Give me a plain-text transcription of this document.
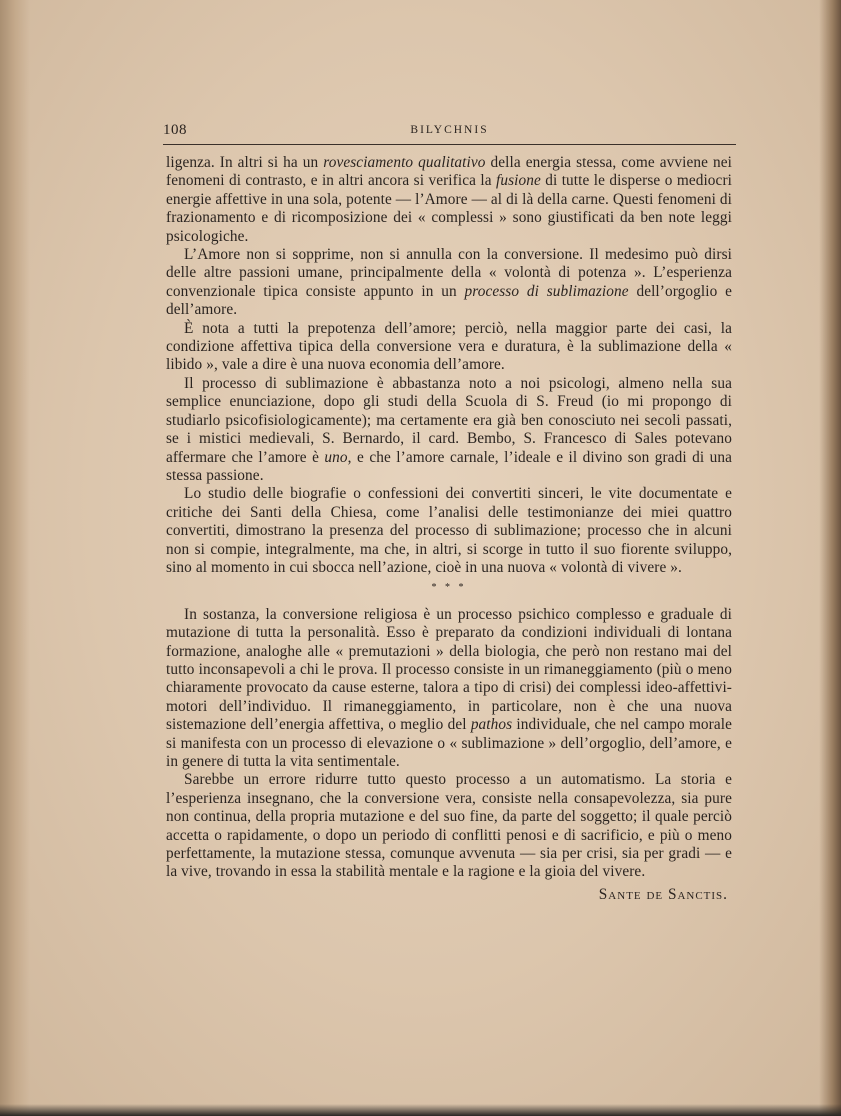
108	BILYCHNIS

ligenza. In altri si ha un rovesciamento qualitativo della energia stessa, come avviene nei fenomeni di contrasto, e in altri ancora si verifica la fusione di tutte le disperse o mediocri energie affettive in una sola, potente — l’Amore — al di là della carne. Questi fenomeni di frazionamento e di ricomposizione dei « complessi » sono giustificati da ben note leggi psicologiche.

L’Amore non si sopprime, non si annulla con la conversione. Il medesimo può dirsi delle altre passioni umane, principalmente della « volontà di potenza ». L’esperienza convenzionale tipica consiste appunto in un processo di sublimazione dell’orgoglio e dell’amore.

È nota a tutti la prepotenza dell’amore; perciò, nella maggior parte dei casi, la condizione affettiva tipica della conversione vera e duratura, è la sublimazione della « libido », vale a dire è una nuova economia dell’amore.

Il processo di sublimazione è abbastanza noto a noi psicologi, almeno nella sua semplice enunciazione, dopo gli studi della Scuola di S. Freud (io mi propongo di studiarlo psicofisiologicamente); ma certamente era già ben conosciuto nei secoli passati, se i mistici medievali, S. Bernardo, il card. Bembo, S. Francesco di Sales potevano affermare che l’amore è uno, e che l’amore carnale, l’ideale e il divino son gradi di una stessa passione.

Lo studio delle biografie o confessioni dei convertiti sinceri, le vite documentate e critiche dei Santi della Chiesa, come l’analisi delle testimonianze dei miei quattro convertiti, dimostrano la presenza del processo di sublimazione; processo che in alcuni non si compie, integralmente, ma che, in altri, si scorge in tutto il suo fiorente sviluppo, sino al momento in cui sbocca nell’azione, cioè in una nuova « volontà di vivere ».

* * *

In sostanza, la conversione religiosa è un processo psichico complesso e graduale di mutazione di tutta la personalità. Esso è preparato da condizioni individuali di lontana formazione, analoghe alle « premutazioni » della biologia, che però non restano mai del tutto inconsapevoli a chi le prova. Il processo consiste in un rimaneggiamento (più o meno chiaramente provocato da cause esterne, talora a tipo di crisi) dei complessi ideo-affettivi-motori dell’individuo. Il rimaneggiamento, in particolare, non è che una nuova sistemazione dell’energia affettiva, o meglio del pathos individuale, che nel campo morale si manifesta con un processo di elevazione o « sublimazione » dell’orgoglio, dell’amore, e in genere di tutta la vita sentimentale.

Sarebbe un errore ridurre tutto questo processo a un automatismo. La storia e l’esperienza insegnano, che la conversione vera, consiste nella consapevolezza, sia pure non continua, della propria mutazione e del suo fine, da parte del soggetto; il quale perciò accetta o rapidamente, o dopo un periodo di conflitti penosi e di sacrificio, e più o meno perfettamente, la mutazione stessa, comunque avvenuta — sia per crisi, sia per gradi — e la vive, trovando in essa la stabilità mentale e la ragione e la gioia del vivere.

Sante de Sanctis.
